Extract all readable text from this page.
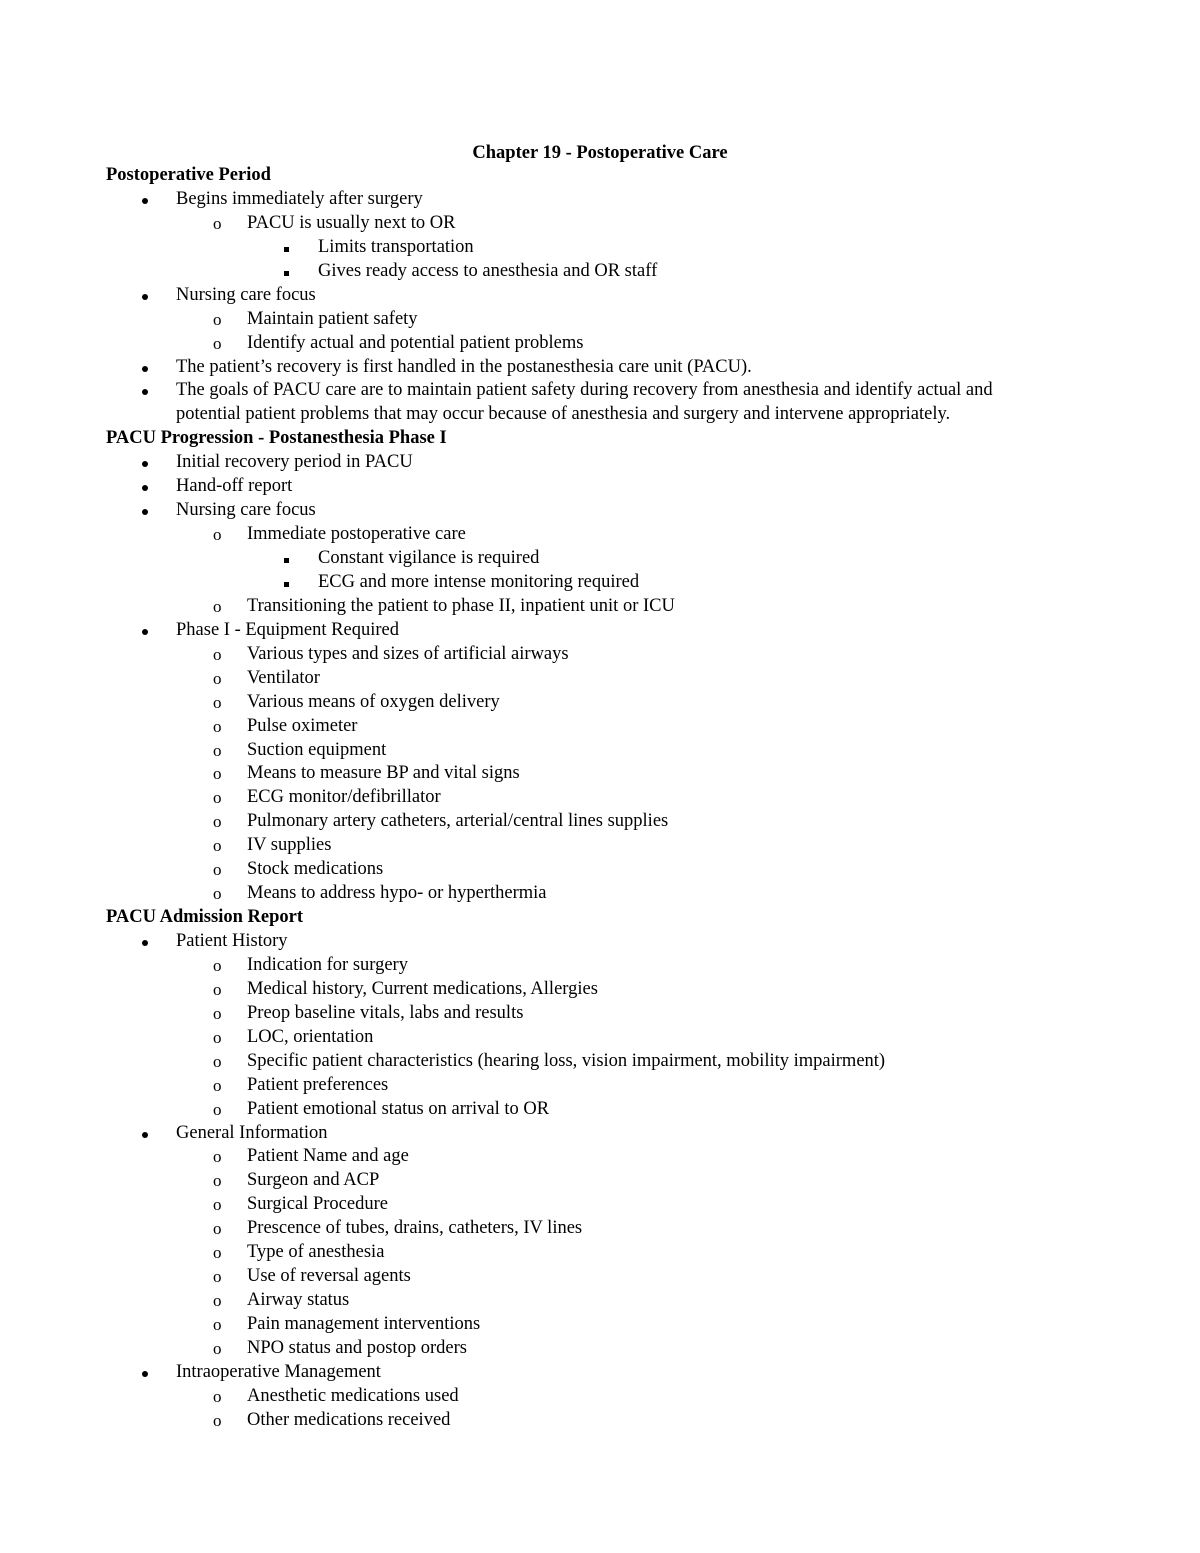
Chapter 19 - Postoperative Care
Postoperative Period
Begins immediately after surgery
o PACU is usually next to OR
Limits transportation
Gives ready access to anesthesia and OR staff
Nursing care focus
o Maintain patient safety
o Identify actual and potential patient problems
The patient’s recovery is first handled in the postanesthesia care unit (PACU).
The goals of PACU care are to maintain patient safety during recovery from anesthesia and identify actual and
potential patient problems that may occur because of anesthesia and surgery and intervene appropriately.
PACU Progression - Postanesthesia Phase I
Initial recovery period in PACU
Hand-off report
Nursing care focus
o Immediate postoperative care
Constant vigilance is required
ECG and more intense monitoring required
o Transitioning the patient to phase II, inpatient unit or ICU
Phase I - Equipment Required
o Various types and sizes of artificial airways
o Ventilator
o Various means of oxygen delivery
o Pulse oximeter
o Suction equipment
o Means to measure BP and vital signs
o ECG monitor/defibrillator
o Pulmonary artery catheters, arterial/central lines supplies
o IV supplies
o Stock medications
o Means to address hypo- or hyperthermia
PACU Admission Report
Patient History
o Indication for surgery
o Medical history, Current medications, Allergies
o Preop baseline vitals, labs and results
o LOC, orientation
o Specific patient characteristics (hearing loss, vision impairment, mobility impairment)
o Patient preferences
o Patient emotional status on arrival to OR
General Information
o Patient Name and age
o Surgeon and ACP
o Surgical Procedure
o Prescence of tubes, drains, catheters, IV lines
o Type of anesthesia
o Use of reversal agents
o Airway status
o Pain management interventions
o NPO status and postop orders
Intraoperative Management
o Anesthetic medications used
o Other medications received
